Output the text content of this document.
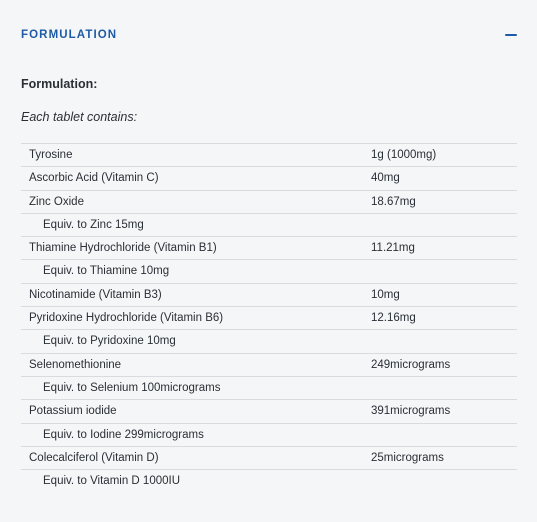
FORMULATION
Formulation:
Each tablet contains:
Tyrosine	1g (1000mg)
Ascorbic Acid (Vitamin C)	40mg
Zinc Oxide	18.67mg
Equiv. to Zinc 15mg
Thiamine Hydrochloride (Vitamin B1)	11.21mg
Equiv. to Thiamine 10mg
Nicotinamide (Vitamin B3)	10mg
Pyridoxine Hydrochloride (Vitamin B6)	12.16mg
Equiv. to Pyridoxine 10mg
Selenomethionine	249micrograms
Equiv. to Selenium 100micrograms
Potassium iodide	391micrograms
Equiv. to Iodine 299micrograms
Colecalciferol (Vitamin D)	25micrograms
Equiv. to Vitamin D 1000IU
